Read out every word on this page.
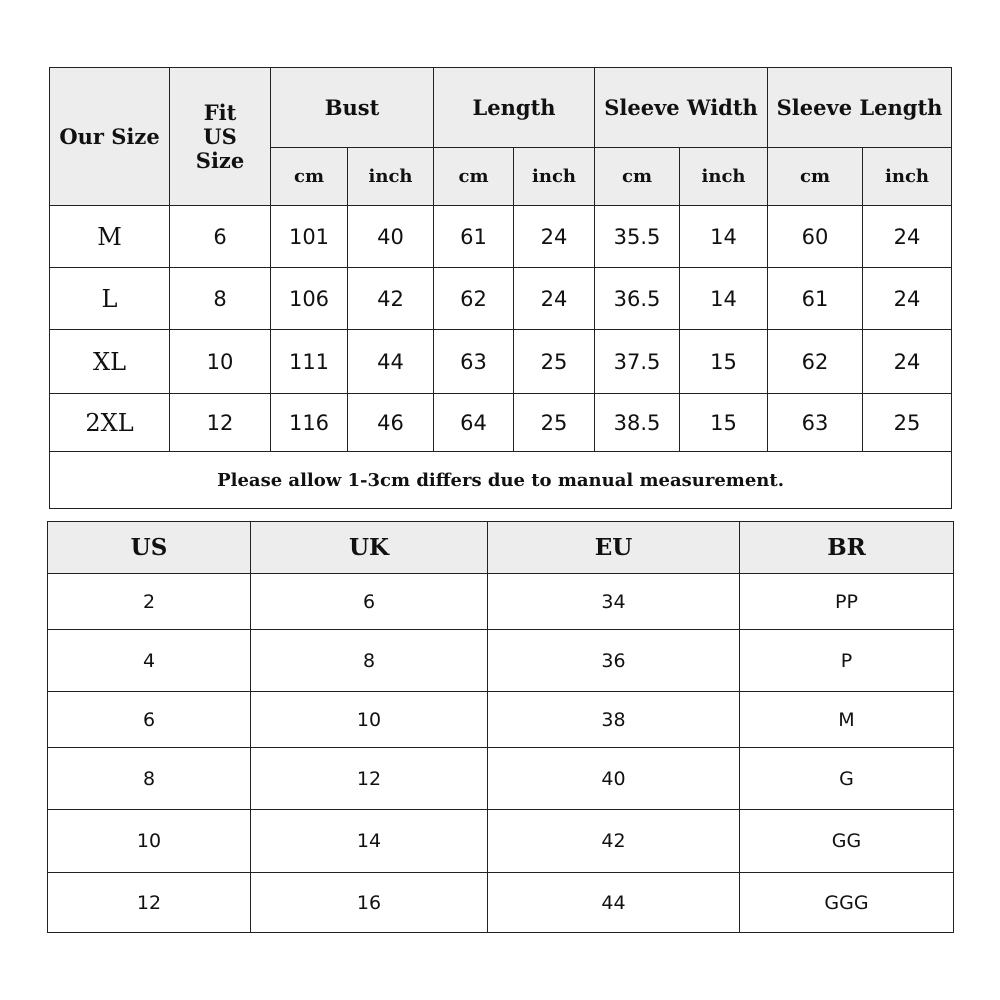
Our Size	Fit US Size	Bust		Length		Sleeve Width		Sleeve Length	
		cm	inch	cm	inch	cm	inch	cm	inch
M	6	101	40	61	24	35.5	14	60	24
L	8	106	42	62	24	36.5	14	61	24
XL	10	111	44	63	25	37.5	15	62	24
2XL	12	116	46	64	25	38.5	15	63	25
Please allow 1-3cm differs due to manual measurement.									
US	UK	EU	BR
2	6	34	PP
4	8	36	P
6	10	38	M
8	12	40	G
10	14	42	GG
12	16	44	GGG
